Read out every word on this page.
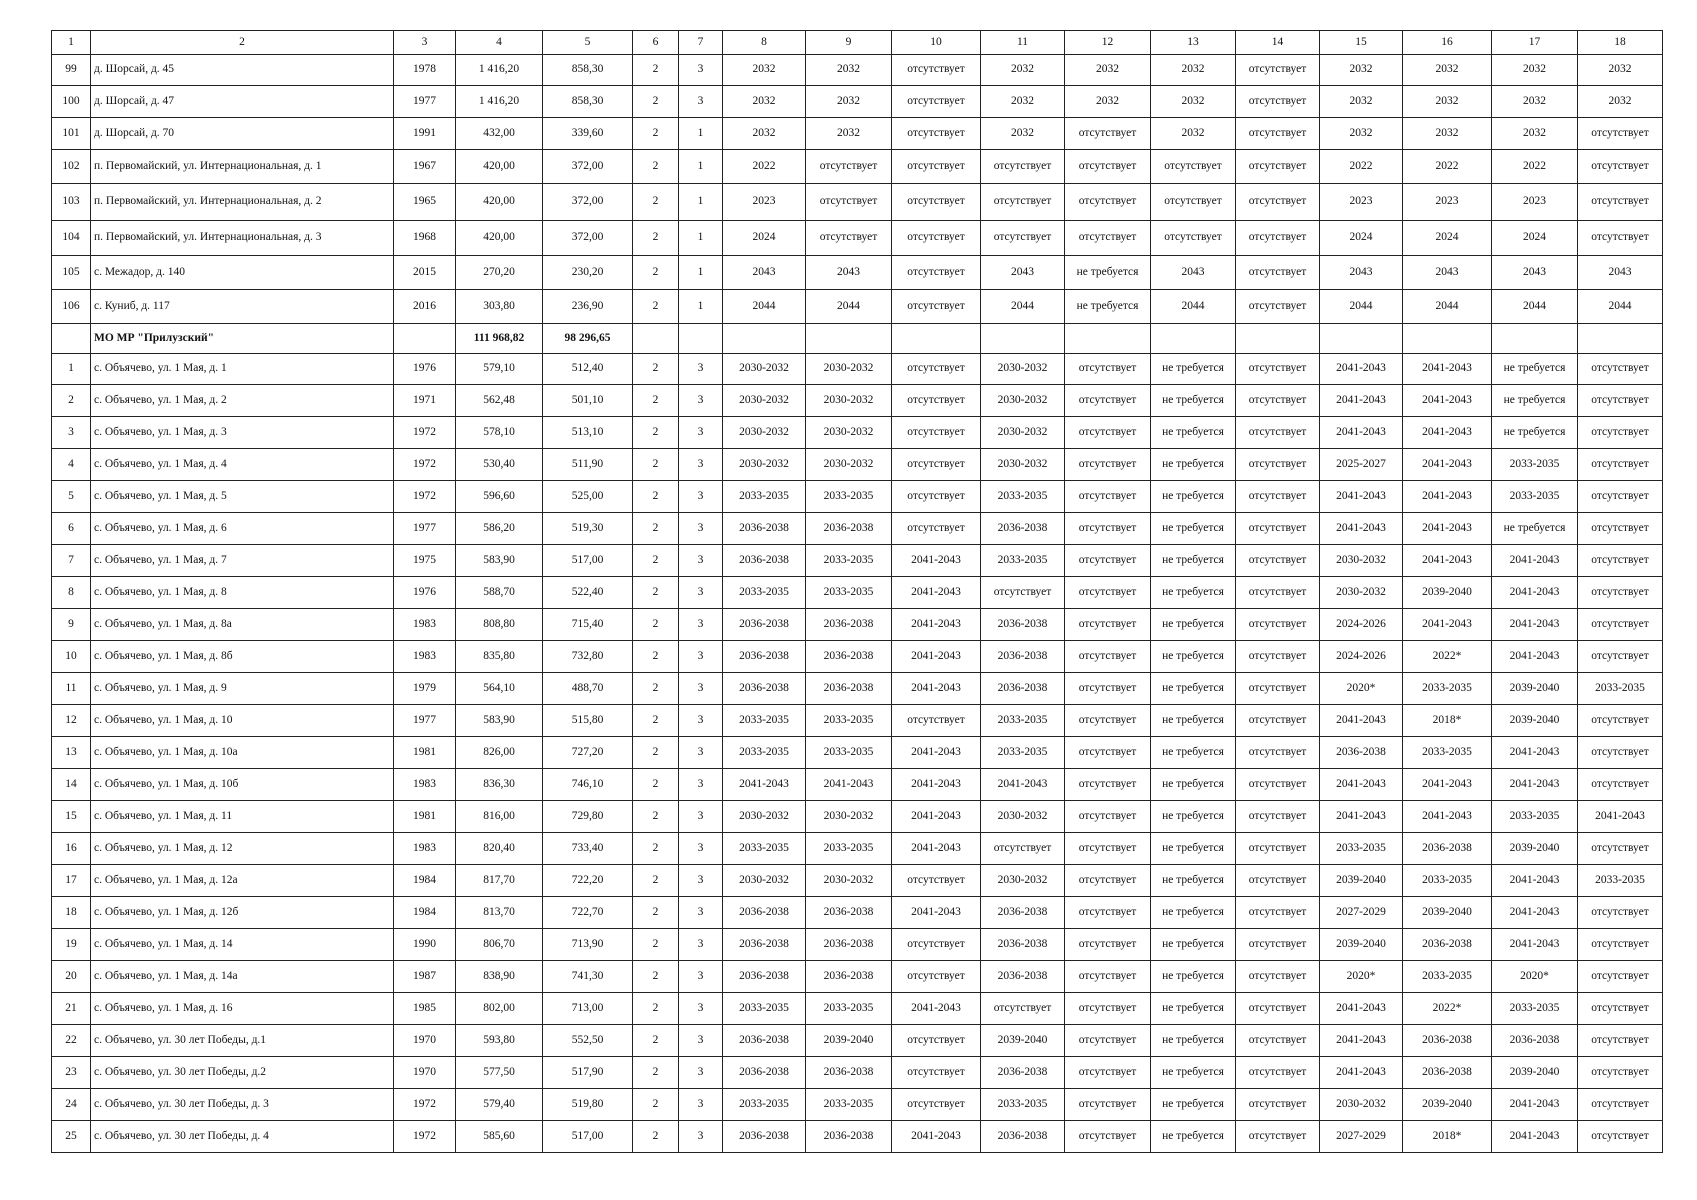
1	2	3	4	5	6	7	8	9	10	11	12	13	14	15	16	17	18
99	д. Шорсай, д. 45	1978	1 416,20	858,30	2	3	2032	2032	отсутствует	2032	2032	2032	отсутствует	2032	2032	2032	2032
100	д. Шорсай, д. 47	1977	1 416,20	858,30	2	3	2032	2032	отсутствует	2032	2032	2032	отсутствует	2032	2032	2032	2032
101	д. Шорсай, д. 70	1991	432,00	339,60	2	1	2032	2032	отсутствует	2032	отсутствует	2032	отсутствует	2032	2032	2032	отсутствует
102	п. Первомайский, ул. Интернациональная, д. 1	1967	420,00	372,00	2	1	2022	отсутствует	отсутствует	отсутствует	отсутствует	отсутствует	отсутствует	2022	2022	2022	отсутствует
103	п. Первомайский, ул. Интернациональная, д. 2	1965	420,00	372,00	2	1	2023	отсутствует	отсутствует	отсутствует	отсутствует	отсутствует	отсутствует	2023	2023	2023	отсутствует
104	п. Первомайский, ул. Интернациональная, д. 3	1968	420,00	372,00	2	1	2024	отсутствует	отсутствует	отсутствует	отсутствует	отсутствует	отсутствует	2024	2024	2024	отсутствует
105	с. Межадор, д. 140	2015	270,20	230,20	2	1	2043	2043	отсутствует	2043	не требуется	2043	отсутствует	2043	2043	2043	2043
106	с. Куниб, д. 117	2016	303,80	236,90	2	1	2044	2044	отсутствует	2044	не требуется	2044	отсутствует	2044	2044	2044	2044
	МО МР "Прилузский"		111 968,82	98 296,65													
1	с. Объячево, ул. 1 Мая, д. 1	1976	579,10	512,40	2	3	2030-2032	2030-2032	отсутствует	2030-2032	отсутствует	не требуется	отсутствует	2041-2043	2041-2043	не требуется	отсутствует
2	с. Объячево, ул. 1 Мая, д. 2	1971	562,48	501,10	2	3	2030-2032	2030-2032	отсутствует	2030-2032	отсутствует	не требуется	отсутствует	2041-2043	2041-2043	не требуется	отсутствует
3	с. Объячево, ул. 1 Мая, д. 3	1972	578,10	513,10	2	3	2030-2032	2030-2032	отсутствует	2030-2032	отсутствует	не требуется	отсутствует	2041-2043	2041-2043	не требуется	отсутствует
4	с. Объячево, ул. 1 Мая, д. 4	1972	530,40	511,90	2	3	2030-2032	2030-2032	отсутствует	2030-2032	отсутствует	не требуется	отсутствует	2025-2027	2041-2043	2033-2035	отсутствует
5	с. Объячево, ул. 1 Мая, д. 5	1972	596,60	525,00	2	3	2033-2035	2033-2035	отсутствует	2033-2035	отсутствует	не требуется	отсутствует	2041-2043	2041-2043	2033-2035	отсутствует
6	с. Объячево, ул. 1 Мая, д. 6	1977	586,20	519,30	2	3	2036-2038	2036-2038	отсутствует	2036-2038	отсутствует	не требуется	отсутствует	2041-2043	2041-2043	не требуется	отсутствует
7	с. Объячево, ул. 1 Мая, д. 7	1975	583,90	517,00	2	3	2036-2038	2033-2035	2041-2043	2033-2035	отсутствует	не требуется	отсутствует	2030-2032	2041-2043	2041-2043	отсутствует
8	с. Объячево, ул. 1 Мая, д. 8	1976	588,70	522,40	2	3	2033-2035	2033-2035	2041-2043	отсутствует	отсутствует	не требуется	отсутствует	2030-2032	2039-2040	2041-2043	отсутствует
9	с. Объячево, ул. 1 Мая, д. 8а	1983	808,80	715,40	2	3	2036-2038	2036-2038	2041-2043	2036-2038	отсутствует	не требуется	отсутствует	2024-2026	2041-2043	2041-2043	отсутствует
10	с. Объячево, ул. 1 Мая, д. 8б	1983	835,80	732,80	2	3	2036-2038	2036-2038	2041-2043	2036-2038	отсутствует	не требуется	отсутствует	2024-2026	2022*	2041-2043	отсутствует
11	с. Объячево, ул. 1 Мая, д. 9	1979	564,10	488,70	2	3	2036-2038	2036-2038	2041-2043	2036-2038	отсутствует	не требуется	отсутствует	2020*	2033-2035	2039-2040	2033-2035
12	с. Объячево, ул. 1 Мая, д. 10	1977	583,90	515,80	2	3	2033-2035	2033-2035	отсутствует	2033-2035	отсутствует	не требуется	отсутствует	2041-2043	2018*	2039-2040	отсутствует
13	с. Объячево, ул. 1 Мая, д. 10а	1981	826,00	727,20	2	3	2033-2035	2033-2035	2041-2043	2033-2035	отсутствует	не требуется	отсутствует	2036-2038	2033-2035	2041-2043	отсутствует
14	с. Объячево, ул. 1 Мая, д. 10б	1983	836,30	746,10	2	3	2041-2043	2041-2043	2041-2043	2041-2043	отсутствует	не требуется	отсутствует	2041-2043	2041-2043	2041-2043	отсутствует
15	с. Объячево, ул. 1 Мая, д. 11	1981	816,00	729,80	2	3	2030-2032	2030-2032	2041-2043	2030-2032	отсутствует	не требуется	отсутствует	2041-2043	2041-2043	2033-2035	2041-2043
16	с. Объячево, ул. 1 Мая, д. 12	1983	820,40	733,40	2	3	2033-2035	2033-2035	2041-2043	отсутствует	отсутствует	не требуется	отсутствует	2033-2035	2036-2038	2039-2040	отсутствует
17	с. Объячево, ул. 1 Мая, д. 12а	1984	817,70	722,20	2	3	2030-2032	2030-2032	отсутствует	2030-2032	отсутствует	не требуется	отсутствует	2039-2040	2033-2035	2041-2043	2033-2035
18	с. Объячево, ул. 1 Мая, д. 12б	1984	813,70	722,70	2	3	2036-2038	2036-2038	2041-2043	2036-2038	отсутствует	не требуется	отсутствует	2027-2029	2039-2040	2041-2043	отсутствует
19	с. Объячево, ул. 1 Мая, д. 14	1990	806,70	713,90	2	3	2036-2038	2036-2038	отсутствует	2036-2038	отсутствует	не требуется	отсутствует	2039-2040	2036-2038	2041-2043	отсутствует
20	с. Объячево, ул. 1 Мая, д. 14а	1987	838,90	741,30	2	3	2036-2038	2036-2038	отсутствует	2036-2038	отсутствует	не требуется	отсутствует	2020*	2033-2035	2020*	отсутствует
21	с. Объячево, ул. 1 Мая, д. 16	1985	802,00	713,00	2	3	2033-2035	2033-2035	2041-2043	отсутствует	отсутствует	не требуется	отсутствует	2041-2043	2022*	2033-2035	отсутствует
22	с. Объячево, ул. 30 лет Победы, д.1	1970	593,80	552,50	2	3	2036-2038	2039-2040	отсутствует	2039-2040	отсутствует	не требуется	отсутствует	2041-2043	2036-2038	2036-2038	отсутствует
23	с. Объячево, ул. 30 лет Победы, д.2	1970	577,50	517,90	2	3	2036-2038	2036-2038	отсутствует	2036-2038	отсутствует	не требуется	отсутствует	2041-2043	2036-2038	2039-2040	отсутствует
24	с. Объячево, ул. 30 лет Победы, д. 3	1972	579,40	519,80	2	3	2033-2035	2033-2035	отсутствует	2033-2035	отсутствует	не требуется	отсутствует	2030-2032	2039-2040	2041-2043	отсутствует
25	с. Объячево, ул. 30 лет Победы, д. 4	1972	585,60	517,00	2	3	2036-2038	2036-2038	2041-2043	2036-2038	отсутствует	не требуется	отсутствует	2027-2029	2018*	2041-2043	отсутствует
